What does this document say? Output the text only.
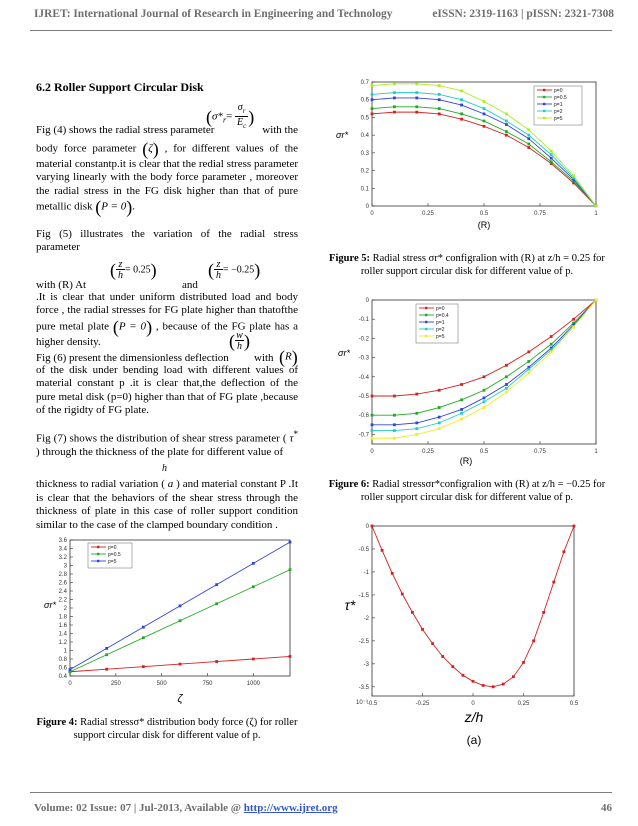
IJRET: International Journal of Research in Engineering and Technology	eISSN: 2319-1163 | pISSN: 2321-7308
6.2 Roller Support Circular Disk
Fig (4) shows the radial stress parameter
($\sigma*_r= \sigma_r$
$E_c$ )
with the
body force parameter (ζ) , for different values of the material constantp.it is clear that the redial stress parameter varying linearly with the body force parameter , moreover the radial stress in the FG disk higher than that of pure metallic disk (P = 0).
Fig (5) illustrates the variation of the radial stress parameter
with (R) At
$(\frac{z}{h}= 0.25)$
and
$(\frac{z}{h}= -0.25)$
.It is clear that under uniform distributed load and body force , the radial stresses for FG plate higher than thatofthe pure metal plate (P = 0) , because of the FG plate has a higher density.
Fig (6) present the dimensionless deflection
$(\frac{w}{h})$
with (R)
of the disk under bending load with different values of material constant p .it is clear that,the deflection of the pure metal disk (p=0) higher than that of FG plate ,because of the rigidty of FG plate.
Fig (7) shows the distribution of shear stress parameter ( τ* ) through the thickness of the plate for different value of
h
thickness to radial variation ( a ) and material constant P .It is clear that the behaviors of the shear stress through the thickness of plate in this case of roller support condition similar to the case of the clamped boundary condition .
0	250	500	750	1000
0.4
0.6
0.8
1
1.2
1.4
1.6
1.8
2
2.2
2.4
2.6
2.8
3
3.2
3.4
3.6
p=0
p=0.5
p=5
σr*
ζ
Figure 4: Radial stressσ* distribution body force (ζ) for roller support circular disk for different value of p.
0	0.25	0.5	0.75	1
0
0.1
0.2
0.3
0.4
0.5
0.6
0.7
p=0
p=0.5
p=1
p=2
p=5
σr*
(R)
Figure 5: Radial stress σr* configralion with (R) at z/h = 0.25 for roller support circular disk for different value of p.
0	0.25	0.5	0.75	1
0
-0.1
-0.2
-0.3
-0.4
-0.5
-0.6
-0.7
p=0
p=0.4
p=1
p=2
p=5
σr*
(R)
Figure 6: Radial stressσr*configralion with (R) at z/h = −0.25 for roller support circular disk for different value of p.
-0.5	-0.25	0	0.25	0.5
0
-0.5
-1
-1.5
-2
-2.5
-3
-3.5
τ*
z/h
10⁻³
(a)
Volume: 02 Issue: 07 | Jul-2013, Available @ http://www.ijret.org	46
